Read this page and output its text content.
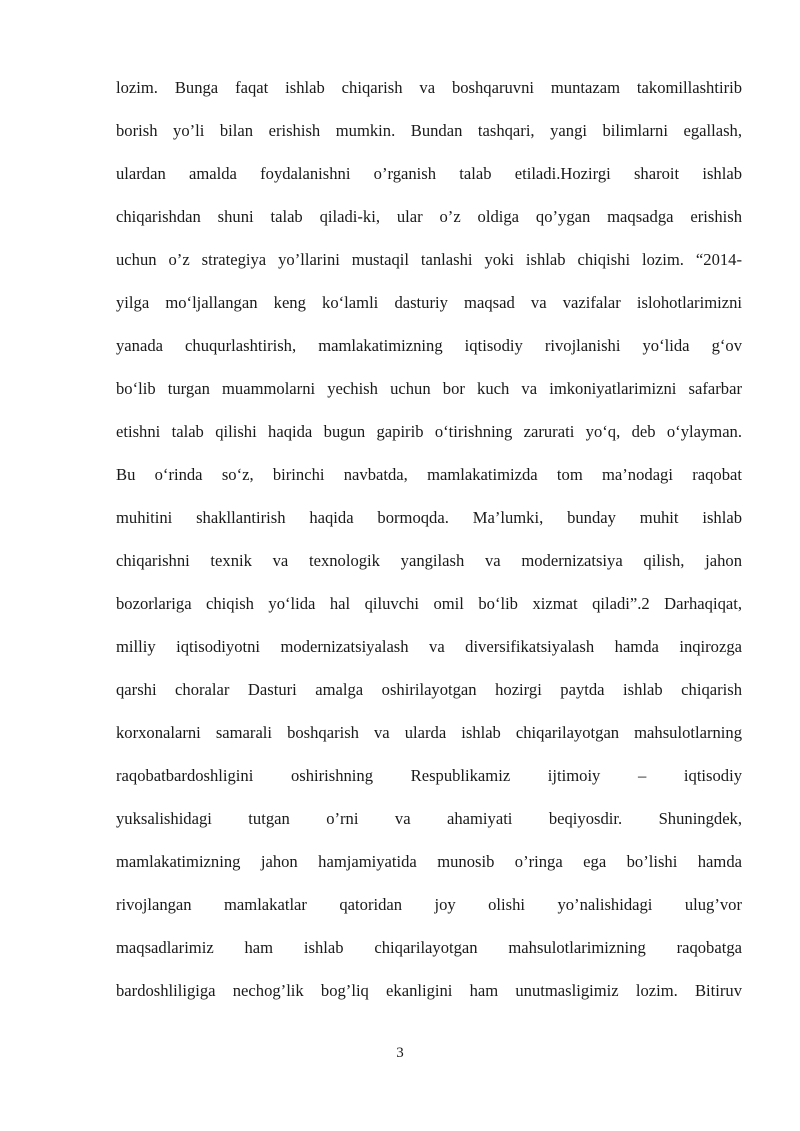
lozim. Bunga faqat ishlab chiqarish va boshqaruvni muntazam takomillashtirib
borish yo’li bilan erishish mumkin. Bundan tashqari, yangi bilimlarni egallash,
ulardan amalda foydalanishni o’rganish talab etiladi.Hozirgi sharoit ishlab
chiqarishdan shuni talab qiladi-ki, ular o’z oldiga qo’ygan maqsadga erishish
uchun o’z strategiya yo’llarini mustaqil tanlashi yoki ishlab chiqishi lozim. “2014-
yilga mo‘ljallangan keng ko‘lamli dasturiy maqsad va vazifalar islohotlarimizni
yanada chuqurlashtirish, mamlakatimizning iqtisodiy rivojlanishi yo‘lida g‘ov
bo‘lib turgan muammolarni yechish uchun bor kuch va imkoniyatlarimizni safarbar
etishni talab qilishi haqida bugun gapirib o‘tirishning zarurati yo‘q, deb o‘ylayman.
Bu o‘rinda so‘z, birinchi navbatda, mamlakatimizda tom ma’nodagi raqobat
muhitini shakllantirish haqida bormoqda. Ma’lumki, bunday muhit ishlab
chiqarishni texnik va texnologik yangilash va modernizatsiya qilish, jahon
bozorlariga chiqish yo‘lida hal qiluvchi omil bo‘lib xizmat qiladi”.2 Darhaqiqat,
milliy iqtisodiyotni modernizatsiyalash va diversifikatsiyalash hamda inqirozga
qarshi choralar Dasturi amalga oshirilayotgan hozirgi paytda ishlab chiqarish
korxonalarni samarali boshqarish va ularda ishlab chiqarilayotgan mahsulotlarning
raqobatbardoshligini oshirishning Respublikamiz ijtimoiy – iqtisodiy
yuksalishidagi tutgan o’rni va ahamiyati beqiyosdir. Shuningdek,
mamlakatimizning jahon hamjamiyatida munosib o’ringa ega bo’lishi hamda
rivojlangan mamlakatlar qatoridan joy olishi yo’nalishidagi ulug’vor
maqsadlarimiz ham ishlab chiqarilayotgan mahsulotlarimizning raqobatga
bardoshliligiga nechog’lik bog’liq ekanligini ham unutmasligimiz lozim. Bitiruv
3
